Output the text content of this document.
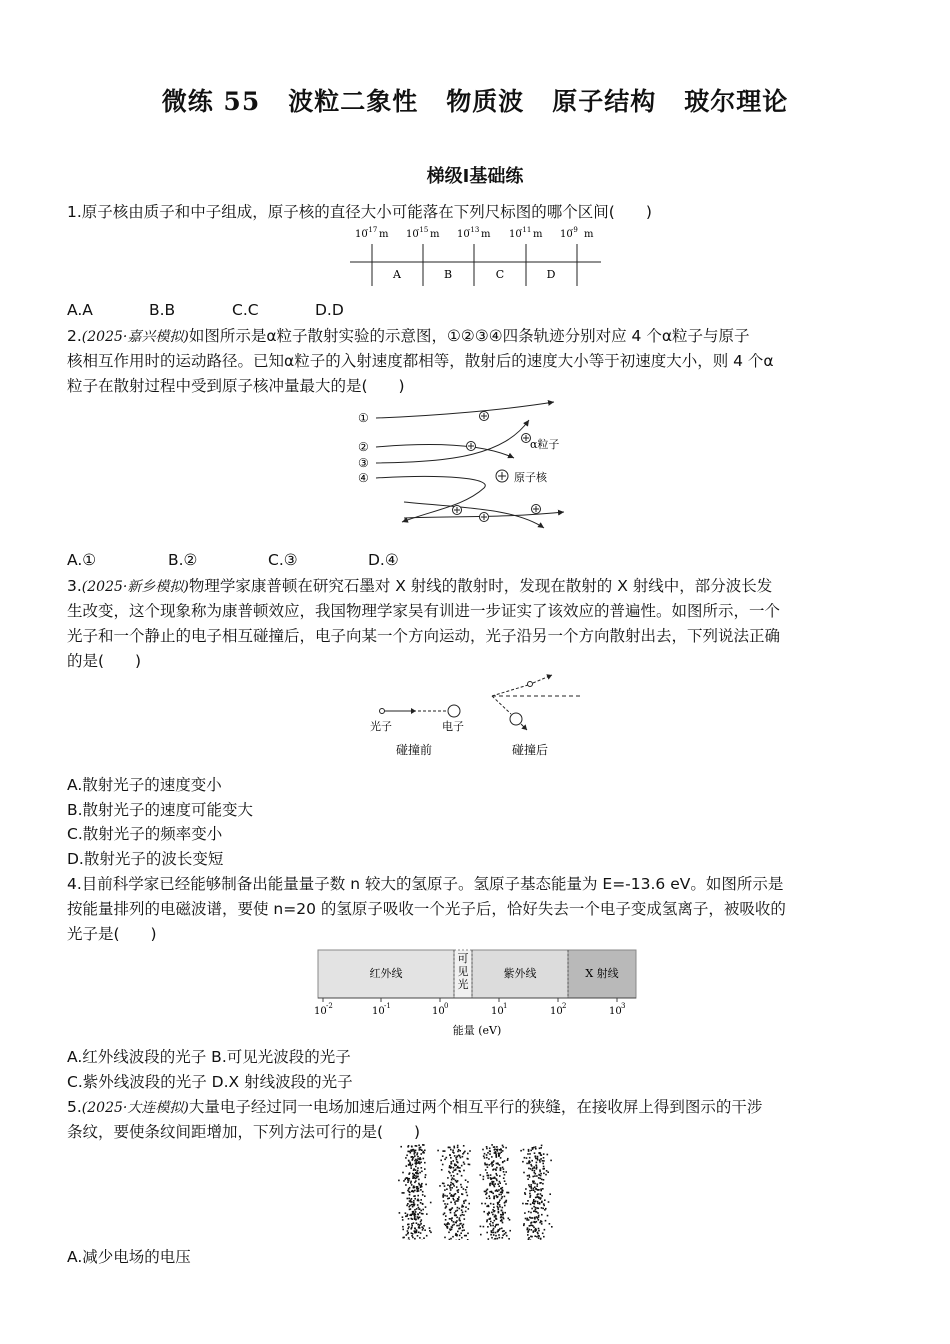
微练 55 波粒二象性 物质波 原子结构 玻尔理论
梯级Ⅰ基础练
1.原子核由质子和中子组成，原子核的直径大小可能落在下列尺标图的哪个区间(　　)
10
-17 m 10
-15 m 10
-13 m 10
-11 m 10
-9 m
A	B	C	D
A.A	B.B	C.C	D.D
2.(2025·嘉兴模拟)如图所示是α粒子散射实验的示意图，①②③④四条轨迹分别对应 4 个α粒子与原子
核相互作用时的运动路径。已知α粒子的入射速度都相等，散射后的速度大小等于初速度大小，则 4 个α
粒子在散射过程中受到原子核冲量最大的是(　　)
①
②
③
④
α粒子
原子核
A.①	B.②	C.③	D.④
3.(2025·新乡模拟)物理学家康普顿在研究石墨对 X 射线的散射时，发现在散射的 X 射线中，部分波长发
生改变，这个现象称为康普顿效应，我国物理学家吴有训进一步证实了该效应的普遍性。如图所示，一个
光子和一个静止的电子相互碰撞后，电子向某一个方向运动，光子沿另一个方向散射出去，下列说法正确
的是(　　)
光子	电子
碰撞前	碰撞后
A.散射光子的速度变小
B.散射光子的速度可能变大
C.散射光子的频率变小
D.散射光子的波长变短
4.目前科学家已经能够制备出能量量子数 n 较大的氢原子。氢原子基态能量为 E=-13.6 eV。如图所示是
按能量排列的电磁波谱，要使 n=20 的氢原子吸收一个光子后，恰好失去一个电子变成氢离子，被吸收的
光子是(　　)
红外线
可
见
光
紫外线	X 射线
10 -2	10 -1	10 0	10 1	10 2	10 3
能量 (eV)
A.红外线波段的光子 B.可见光波段的光子
C.紫外线波段的光子 D.X 射线波段的光子
5.(2025·大连模拟)大量电子经过同一电场加速后通过两个相互平行的狭缝，在接收屏上得到图示的干涉
条纹，要使条纹间距增加，下列方法可行的是(　　)
A.减少电场的电压
